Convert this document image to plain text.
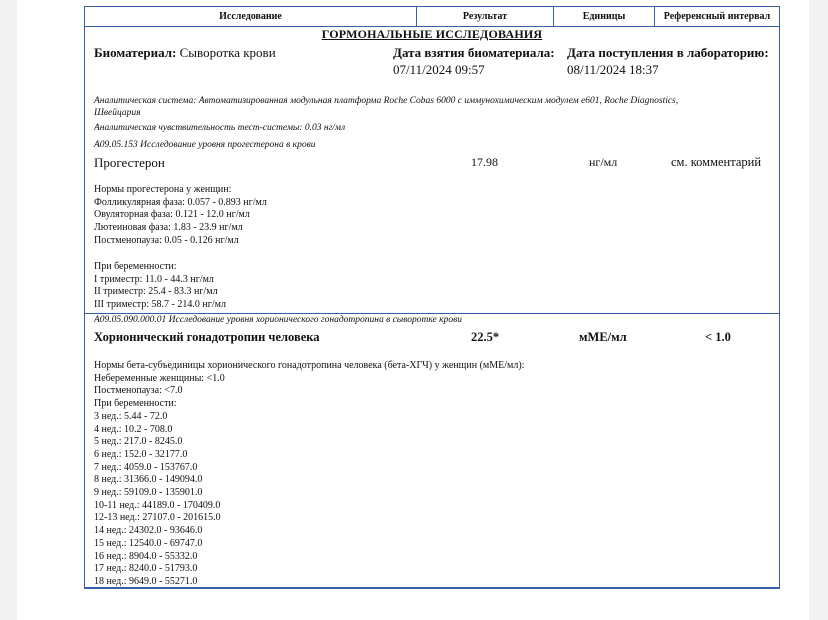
Исследование	Результат	Единицы	Референсный интервал
ГОРМОНАЛЬНЫЕ ИССЛЕДОВАНИЯ
Биоматериал: Сыворотка крови	Дата взятия биоматериала:
07/11/2024 09:57
Дата поступления в лабораторию:
08/11/2024 18:37
Аналитическая система: Автоматизированная модульная платформа Roche Cobas 6000 с иммунохимическим модулем e601, Roche Diagnostics,
Швейцария
Аналитическая чувствительность тест-системы: 0.03 нг/мл
A09.05.153 Исследование уровня прогестерона в крови
Прогестерон	17.98	нг/мл	см. комментарий
Нормы прогестерона у женщин:
Фолликулярная фаза: 0.057 - 0.893 нг/мл
Овуляторная фаза: 0.121 - 12.0 нг/мл
Лютеиновая фаза: 1.83 - 23.9 нг/мл
Постменопауза: 0.05 - 0.126 нг/мл
При беременности:
I триместр: 11.0 - 44.3 нг/мл
II триместр: 25.4 - 83.3 нг/мл
III триместр: 58.7 - 214.0 нг/мл
A09.05.090.000.01 Исследование уровня хорионического гонадотропина в сыворотке крови
Хорионический гонадотропин человека	22.5*	мМЕ/мл	< 1.0
Нормы бета-субъединицы хорионического гонадотропина человека (бета-ХГЧ) у женщин (мМЕ/мл):
Небеременные женщины: <1.0
Постменопауза: <7.0
При беременности:
3 нед.: 5.44 - 72.0
4 нед.: 10.2 - 708.0
5 нед.: 217.0 - 8245.0
6 нед.: 152.0 - 32177.0
7 нед.: 4059.0 - 153767.0
8 нед.: 31366.0 - 149094.0
9 нед.: 59109.0 - 135901.0
10-11 нед.: 44189.0 - 170409.0
12-13 нед.: 27107.0 - 201615.0
14 нед.: 24302.0 - 93646.0
15 нед.: 12540.0 - 69747.0
16 нед.: 8904.0 - 55332.0
17 нед.: 8240.0 - 51793.0
18 нед.: 9649.0 - 55271.0
